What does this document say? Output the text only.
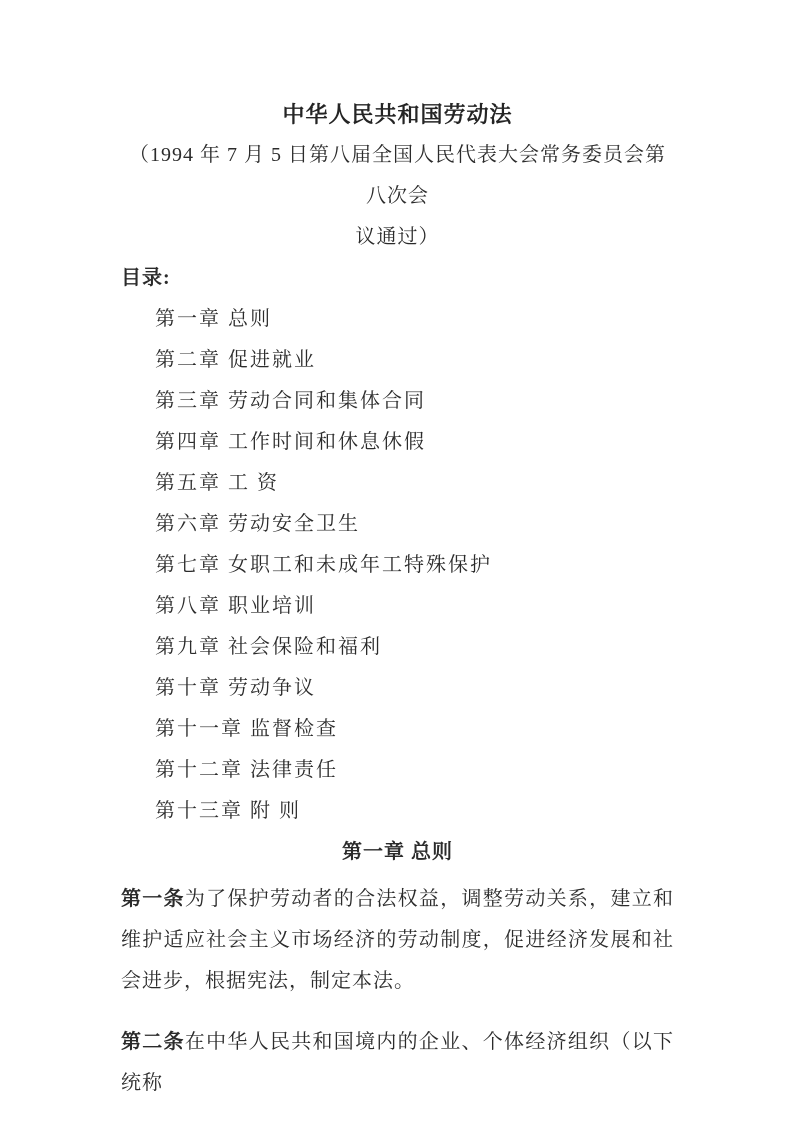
中华人民共和国劳动法
（1994 年 7 月 5 日第八届全国人民代表大会常务委员会第八次会
议通过）
目录:
第一章 总则
第二章 促进就业
第三章 劳动合同和集体合同
第四章 工作时间和休息休假
第五章 工 资
第六章 劳动安全卫生
第七章 女职工和未成年工特殊保护
第八章 职业培训
第九章 社会保险和福利
第十章 劳动争议
第十一章 监督检查
第十二章 法律责任
第十三章 附 则
第一章 总则

第一条为了保护劳动者的合法权益，调整劳动关系，建立和维护适应社会主义市场经济的劳动制度，促进经济发展和社会进步，根据宪法，制定本法。

第二条在中华人民共和国境内的企业、个体经济组织（以下统称
